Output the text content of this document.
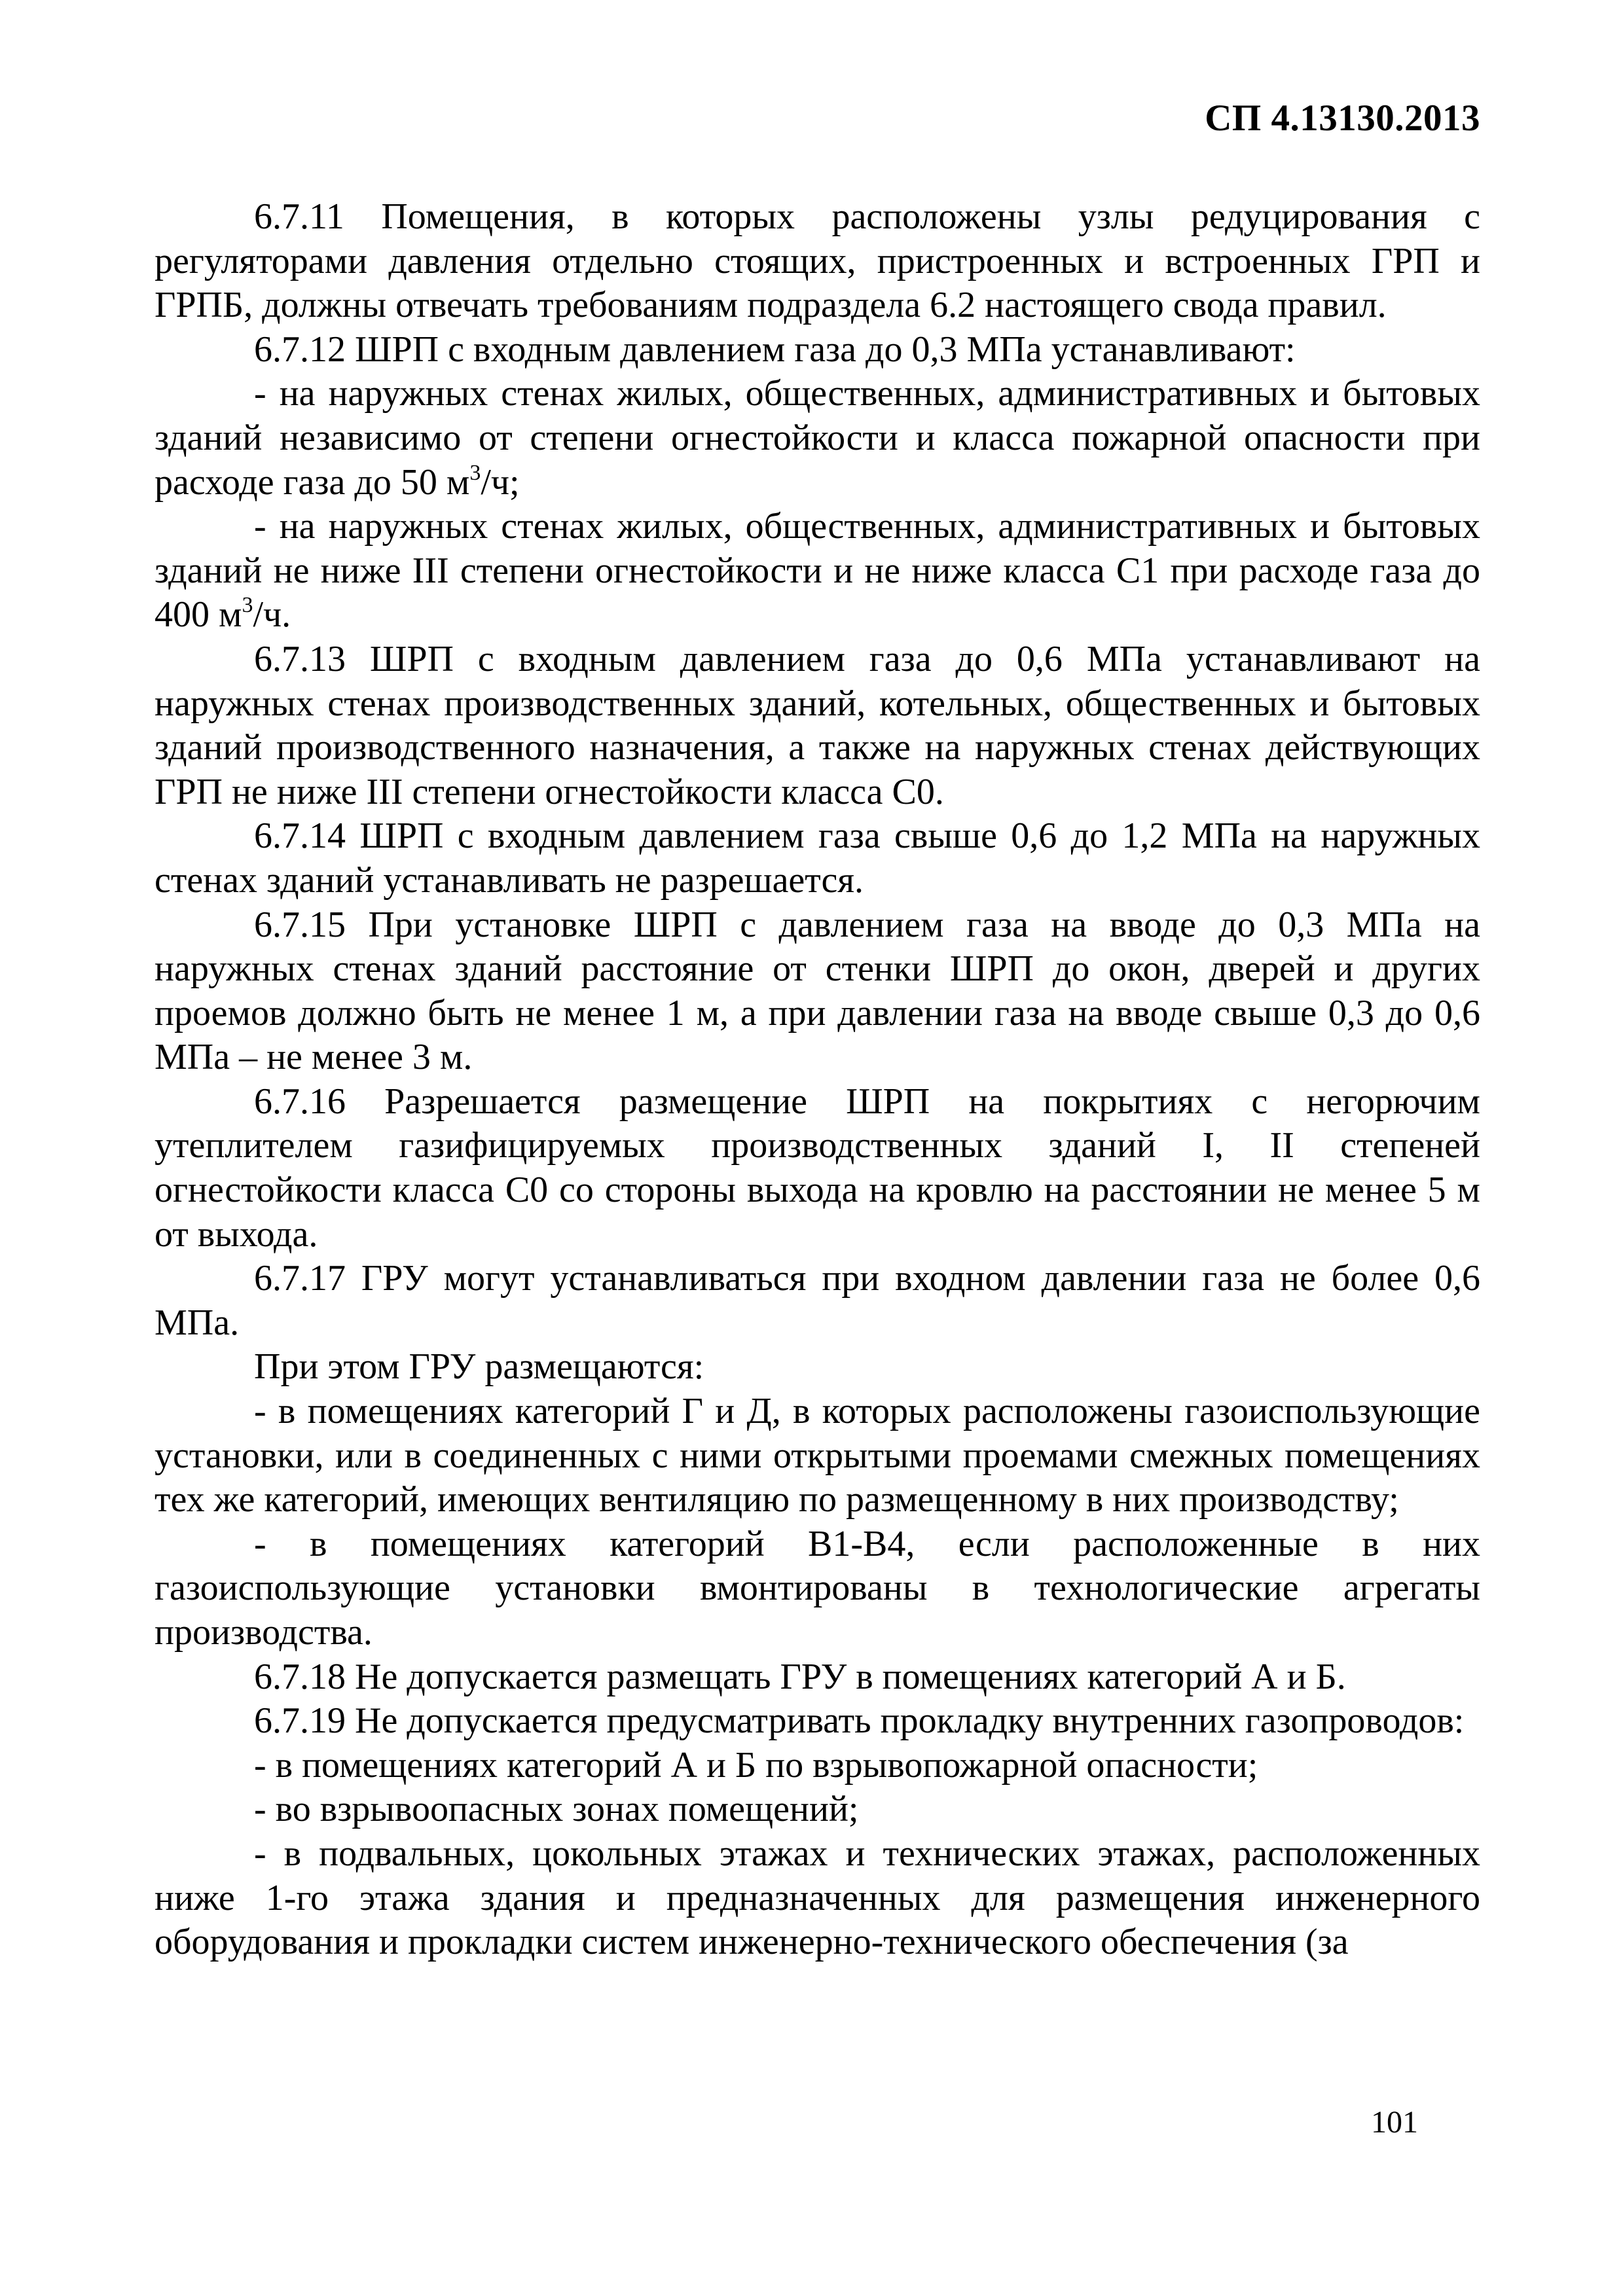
СП 4.13130.2013

6.7.11 Помещения, в которых расположены узлы редуцирования с регуляторами давления отдельно стоящих, пристроенных и встроенных ГРП и ГРПБ, должны отвечать требованиям подраздела 6.2 настоящего свода правил.

6.7.12 ШРП с входным давлением газа до 0,3 МПа устанавливают:

- на наружных стенах жилых, общественных, административных и бытовых зданий независимо от степени огнестойкости и класса пожарной опасности при расходе газа до 50 $м^3/ч$;

- на наружных стенах жилых, общественных, административных и бытовых зданий не ниже III степени огнестойкости и не ниже класса С1 при расходе газа до 400 $м^3/ч$.

6.7.13 ШРП с входным давлением газа до 0,6 МПа устанавливают на наружных стенах производственных зданий, котельных, общественных и бытовых зданий производственного назначения, а также на наружных стенах действующих ГРП не ниже III степени огнестойкости класса С0.

6.7.14 ШРП с входным давлением газа свыше 0,6 до 1,2 МПа на наружных стенах зданий устанавливать не разрешается.

6.7.15 При установке ШРП с давлением газа на вводе до 0,3 МПа на наружных стенах зданий расстояние от стенки ШРП до окон, дверей и других проемов должно быть не менее 1 м, а при давлении газа на вводе свыше 0,3 до 0,6 МПа – не менее 3 м.

6.7.16 Разрешается размещение ШРП на покрытиях с негорючим утеплителем газифицируемых производственных зданий I, II степеней огнестойкости класса С0 со стороны выхода на кровлю на расстоянии не менее 5 м от выхода.

6.7.17 ГРУ могут устанавливаться при входном давлении газа не более 0,6 МПа.

При этом ГРУ размещаются:

- в помещениях категорий Г и Д, в которых расположены газоиспользующие установки, или в соединенных с ними открытыми проемами смежных помещениях тех же категорий, имеющих вентиляцию по размещенному в них производству;

- в помещениях категорий В1-В4, если расположенные в них газоиспользующие установки вмонтированы в технологические агрегаты производства.

6.7.18 Не допускается размещать ГРУ в помещениях категорий А и Б.

6.7.19 Не допускается предусматривать прокладку внутренних газопроводов:

- в помещениях категорий А и Б по взрывопожарной опасности;

- во взрывоопасных зонах помещений;

- в подвальных, цокольных этажах и технических этажах, расположенных ниже 1-го этажа здания и предназначенных для размещения инженерного оборудования и прокладки систем инженерно-технического обеспечения (за

101
